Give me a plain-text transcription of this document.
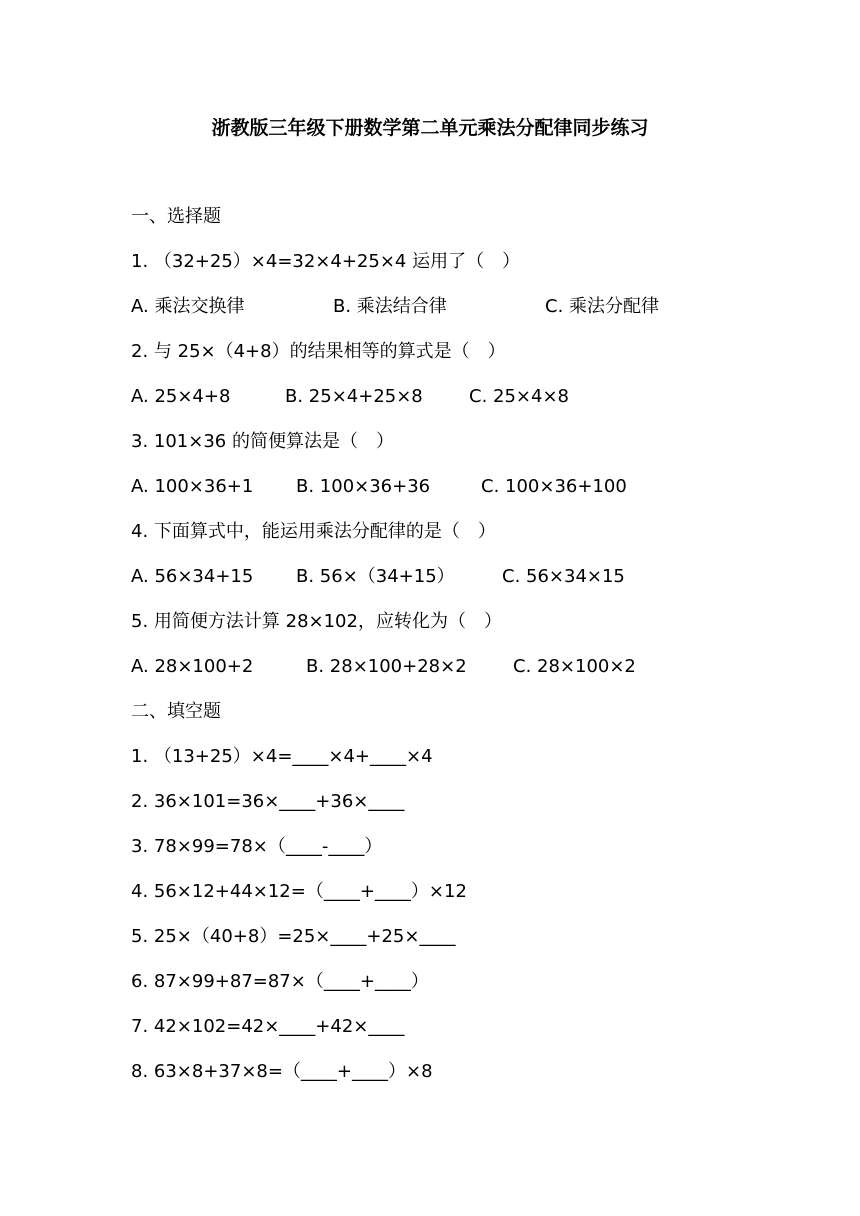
浙教版三年级下册数学第二单元乘法分配律同步练习
一、选择题
1. （32+25）×4=32×4+25×4 运用了（　）
A. 乘法交换律	B. 乘法结合律	C. 乘法分配律
2. 与 25×（4+8）的结果相等的算式是（　）
A. 25×4+8	B. 25×4+25×8	C. 25×4×8
3. 101×36 的简便算法是（　）
A. 100×36+1 B. 100×36+36	C. 100×36+100
4. 下面算式中，能运用乘法分配律的是（　）
A. 56×34+15 B. 56×（34+15）	C. 56×34×15
5. 用简便方法计算 28×102，应转化为（　）
A. 28×100+2	B. 28×100+28×2	C. 28×100×2
二、填空题
1. （13+25）×4=____×4+____×4
2. 36×101=36×____+36×____
3. 78×99=78×（____-____）
4. 56×12+44×12=（____+____）×12
5. 25×（40+8）=25×____+25×____
6. 87×99+87=87×（____+____）
7. 42×102=42×____+42×____
8. 63×8+37×8=（____+____）×8
